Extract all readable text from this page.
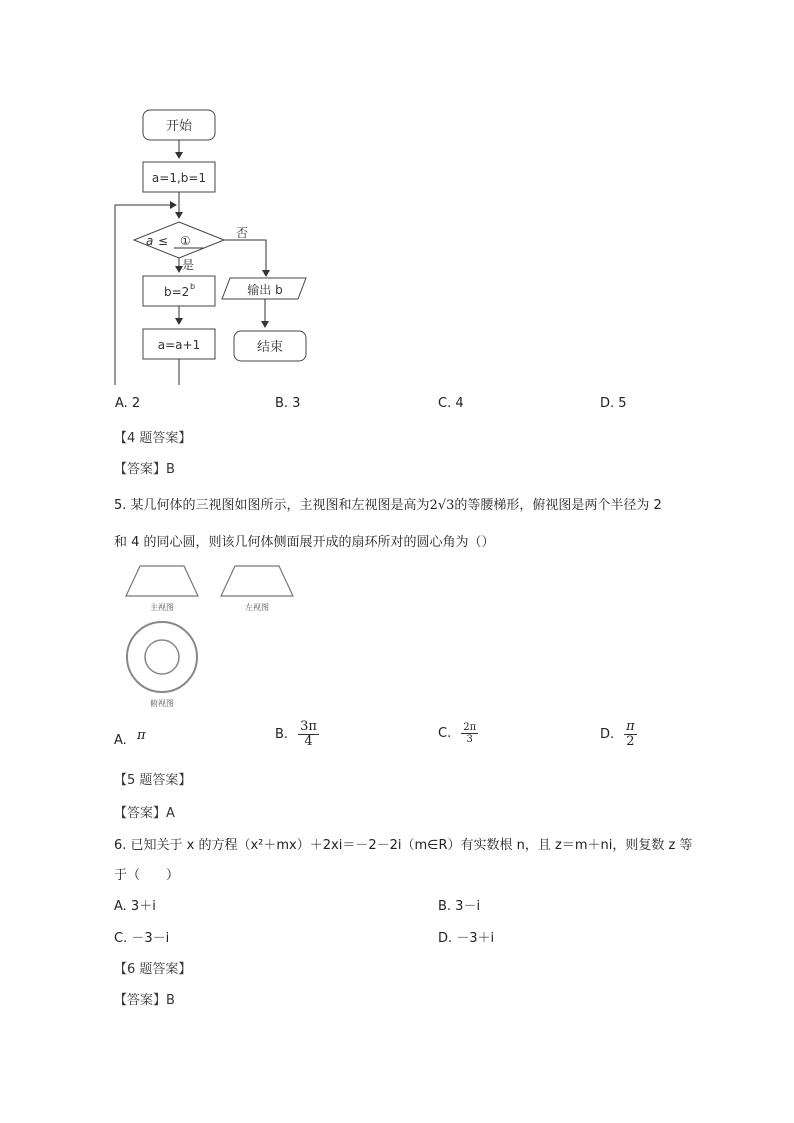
开始
a=1,b=1
a ≤ ①
否
是
b=2 b
a=a+1
输出 b
结束
A. 2	B. 3	C. 4	D. 5
【4 题答案】
【答案】B
5. 某几何体的三视图如图所示，主视图和左视图是高为2√3的等腰梯形，俯视图是两个半径为 2
和 4 的同心圆，则该几何体侧面展开成的扇环所对的圆心角为（）
主视图	左视图
俯视图
A. π	B. $\frac{3\pi}{4}$	C. $\frac{2\pi}{3}$	D. $\frac{\pi}{2}$
【5 题答案】
【答案】A
6. 已知关于 x 的方程（x²＋mx）＋2xi＝－2－2i（m∈R）有实数根 n，且 z＝m＋ni，则复数 z 等
于（　　）
A. 3＋i	B. 3－i
C. －3－i	D. －3＋i
【6 题答案】
【答案】B
